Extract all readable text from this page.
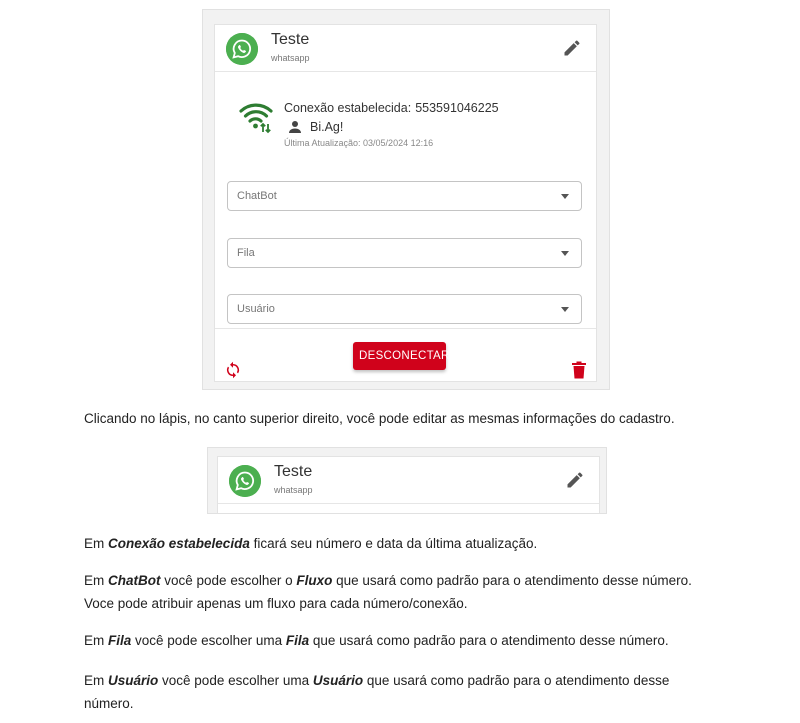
Teste
whatsapp
Conexão estabelecida: 553591046225
Bi.Ag!
Última Atualização: 03/05/2024 12:16
ChatBot
Fila
Usuário
DESCONECTAR

Clicando no lápis, no canto superior direito, você pode editar as mesmas informações do cadastro.

Teste
whatsapp

Em Conexão estabelecida ficará seu número e data da última atualização.

Em ChatBot você pode escolher o Fluxo que usará como padrão para o atendimento desse número.
Voce pode atribuir apenas um fluxo para cada número/conexão.

Em Fila você pode escolher uma Fila que usará como padrão para o atendimento desse número.

Em Usuário você pode escolher uma Usuário que usará como padrão para o atendimento desse
número.
